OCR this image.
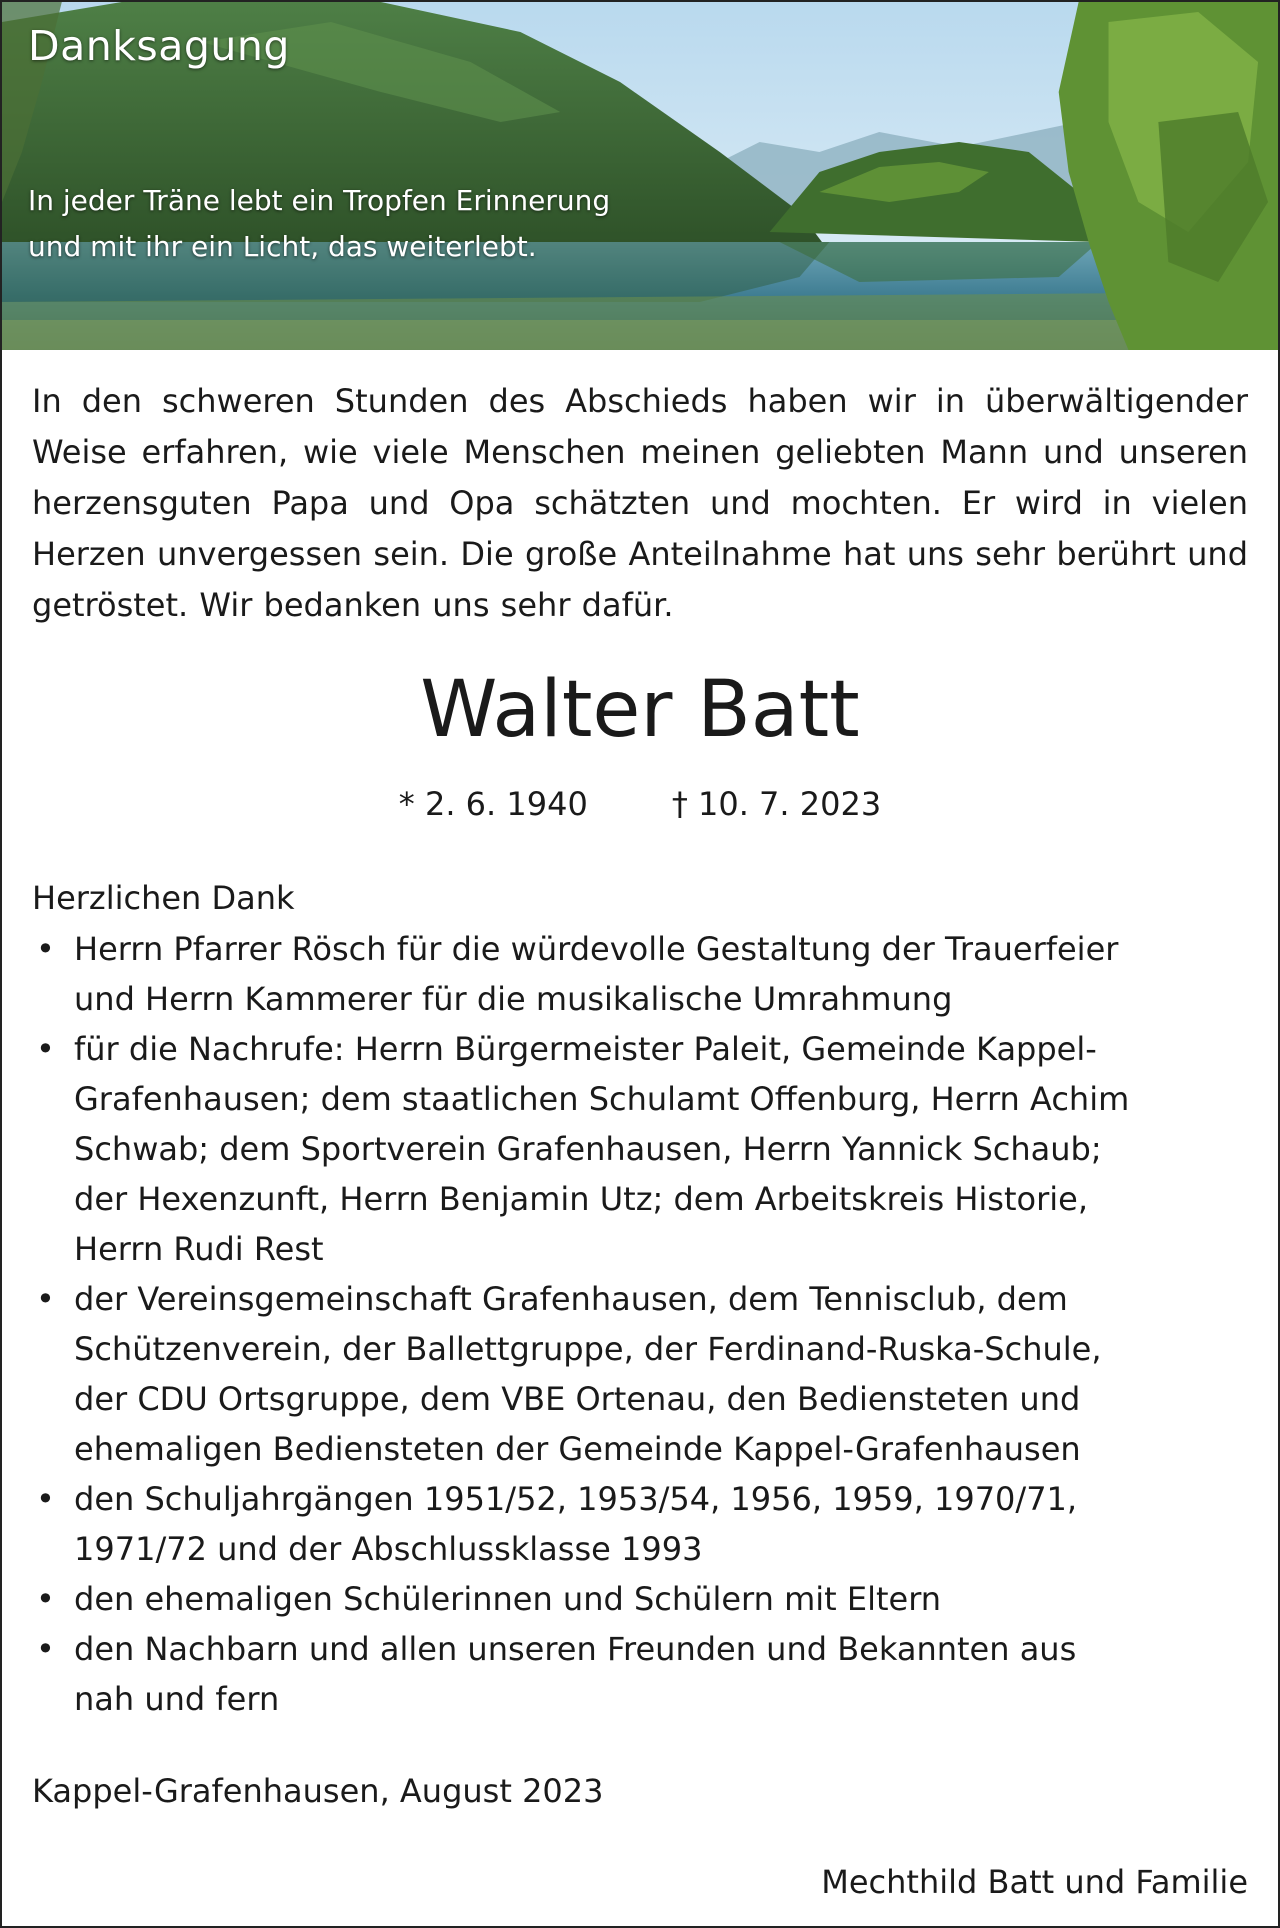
Danksagung
In jeder Träne lebt ein Tropfen Erinnerung
und mit ihr ein Licht, das weiterlebt.

In den schweren Stunden des Abschieds haben wir in überwältigender Weise erfahren, wie viele Menschen meinen geliebten Mann und unseren herzensguten Papa und Opa schätzten und mochten. Er wird in vielen Herzen unvergessen sein. Die große Anteilnahme hat uns sehr berührt und getröstet. Wir bedanken uns sehr dafür.

Walter Batt
* 2. 6. 1940	† 10. 7. 2023
Herzlichen Dank
• Herrn Pfarrer Rösch für die würdevolle Gestaltung der Trauerfeier
und Herrn Kammerer für die musikalische Umrahmung
• für die Nachrufe: Herrn Bürgermeister Paleit, Gemeinde Kappel-
Grafenhausen; dem staatlichen Schulamt Offenburg, Herrn Achim
Schwab; dem Sportverein Grafenhausen, Herrn Yannick Schaub;
der Hexenzunft, Herrn Benjamin Utz; dem Arbeitskreis Historie,
Herrn Rudi Rest
• der Vereinsgemeinschaft Grafenhausen, dem Tennisclub, dem
Schützenverein, der Ballettgruppe, der Ferdinand-Ruska-Schule,
der CDU Ortsgruppe, dem VBE Ortenau, den Bediensteten und
ehemaligen Bediensteten der Gemeinde Kappel-Grafenhausen
• den Schuljahrgängen 1951/52, 1953/54, 1956, 1959, 1970/71,
1971/72 und der Abschlussklasse 1993
• den ehemaligen Schülerinnen und Schülern mit Eltern
• den Nachbarn und allen unseren Freunden und Bekannten aus
nah und fern
Kappel-Grafenhausen, August 2023
Mechthild Batt und Familie
